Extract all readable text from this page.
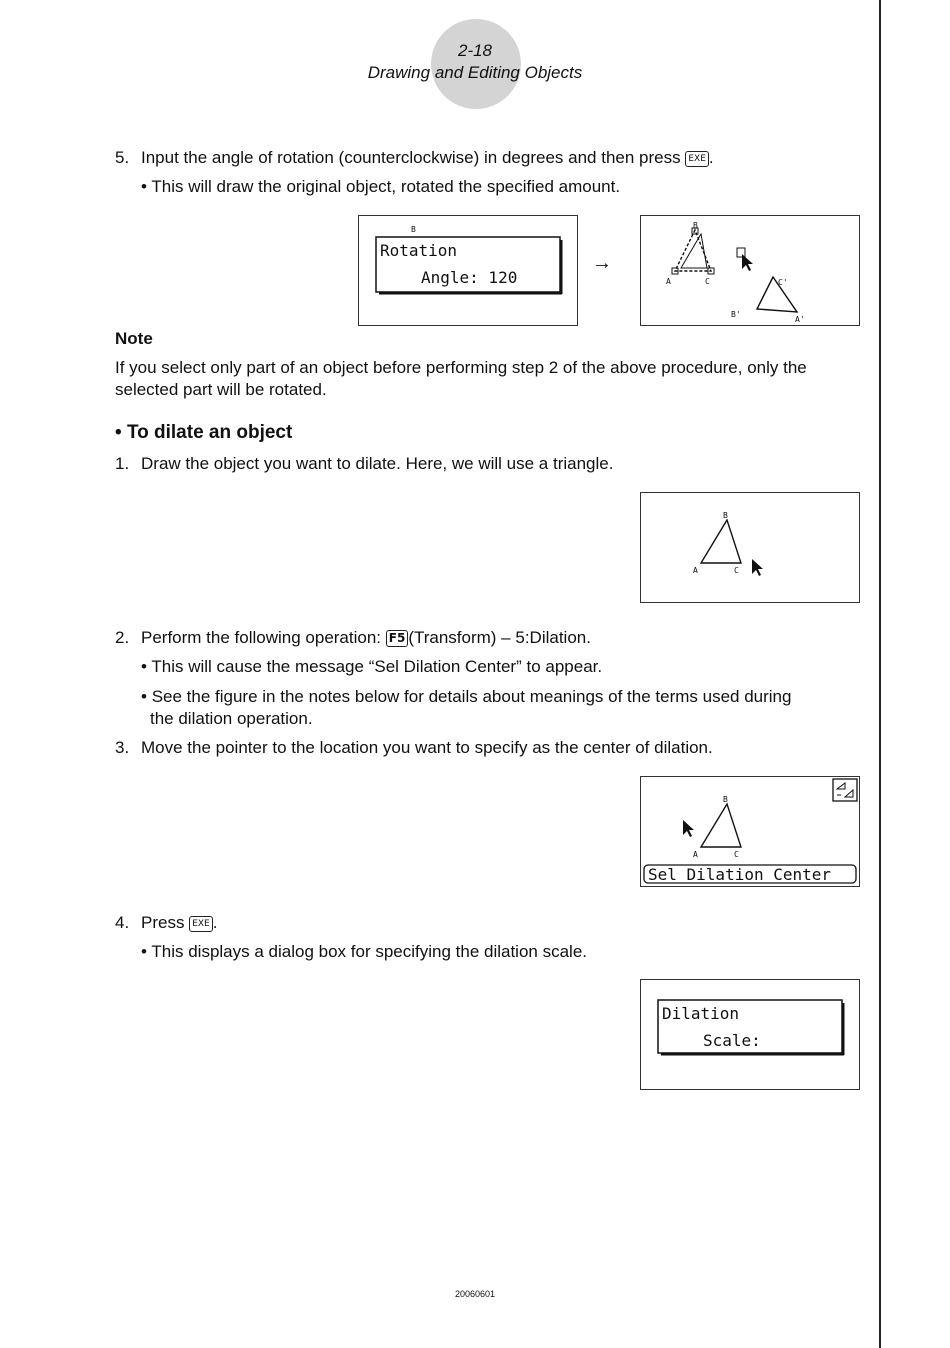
2-18
Drawing and Editing Objects
5. Input the angle of rotation (counterclockwise) in degrees and then press EXE .
• This will draw the original object, rotated the specified amount.
B
Rotation
Angle: 120
→
B
A	C	C'
B'
A'
Note
If you select only part of an object before performing step 2 of the above procedure, only the
selected part will be rotated.
• To dilate an object
1. Draw the object you want to dilate. Here, we will use a triangle.
B
A	C
2. Perform the following operation: F5 (Transform) – 5:Dilation.
• This will cause the message “Sel Dilation Center” to appear.
• See the figure in the notes below for details about meanings of the terms used during
the dilation operation.
3. Move the pointer to the location you want to specify as the center of dilation.
B
A	C
Sel Dilation Center
4. Press EXE .
• This displays a dialog box for specifying the dilation scale.
Dilation
Scale:
20060601
